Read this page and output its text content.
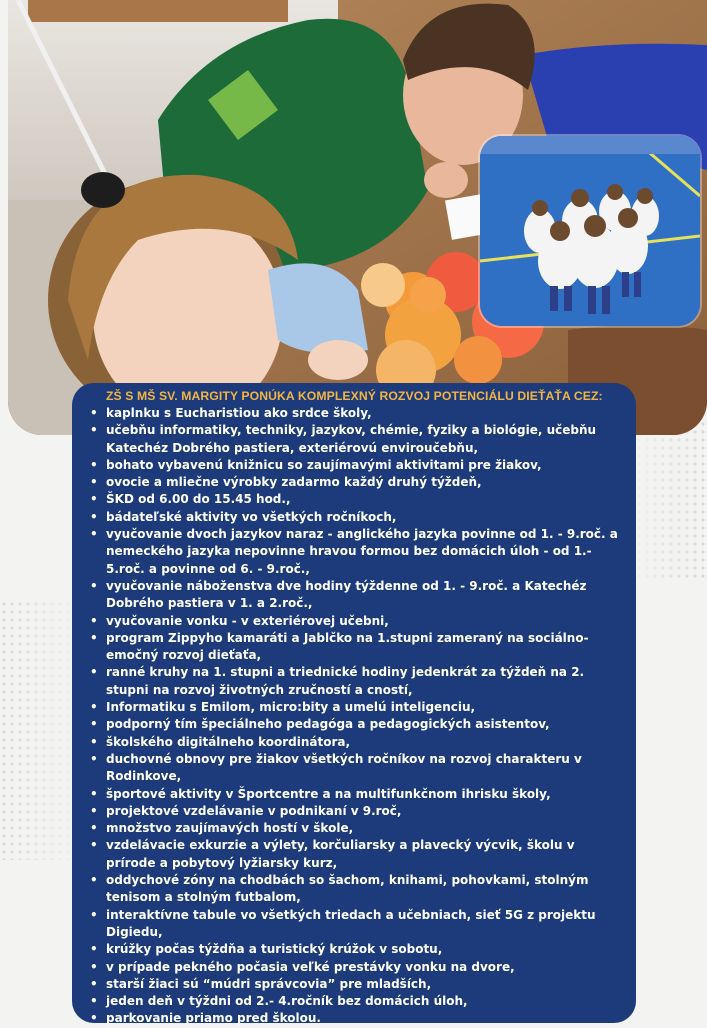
ZŠ S MŠ SV. MARGITY PONÚKA KOMPLEXNÝ ROZVOJ POTENCIÁLU DIEŤAŤA CEZ:
• kaplnku s Eucharistiou ako srdce školy,
• učebňu informatiky, techniky, jazykov, chémie, fyziky a biológie, učebňu Katechéz Dobrého pastiera, exteriérovú enviroučebňu,
• bohato vybavenú knižnicu so zaujímavými aktivitami pre žiakov,
• ovocie a mliečne výrobky zadarmo každý druhý týždeň,
• ŠKD od 6.00 do 15.45 hod.,
• bádateľské aktivity vo všetkých ročníkoch,
• vyučovanie dvoch jazykov naraz - anglického jazyka povinne od 1. - 9.roč. a nemeckého jazyka nepovinne hravou formou bez domácich úloh - od 1.- 5.roč. a povinne od 6. - 9.roč.,
• vyučovanie náboženstva dve hodiny týždenne od 1. - 9.roč. a Katechéz Dobrého pastiera v 1. a 2.roč.,
• vyučovanie vonku - v exteriérovej učebni,
• program Zippyho kamaráti a Jablčko na 1.stupni zameraný na sociálno-emočný rozvoj dieťaťa,
• ranné kruhy na 1. stupni a triednické hodiny jedenkrát za týždeň na 2. stupni na rozvoj životných zručností a cností,
• Informatiku s Emilom, micro:bity a umelú inteligenciu,
• podporný tím špeciálneho pedagóga a pedagogických asistentov,
• školského digitálneho koordinátora,
• duchovné obnovy pre žiakov všetkých ročníkov na rozvoj charakteru v Rodinkove,
• športové aktivity v Športcentre a na multifunkčnom ihrisku školy,
• projektové vzdelávanie v podnikaní v 9.roč,
• množstvo zaujímavých hostí v škole,
• vzdelávacie exkurzie a výlety, korčuliarsky a plavecký výcvik, školu v prírode a pobytový lyžiarsky kurz,
• oddychové zóny na chodbách so šachom, knihami, pohovkami, stolným tenisom a stolným futbalom,
• interaktívne tabule vo všetkých triedach a učebniach, sieť 5G z projektu Digiedu,
• krúžky počas týždňa a turistický krúžok v sobotu,
• v prípade pekného počasia veľké prestávky vonku na dvore,
• starší žiaci sú “múdri správcovia” pre mladších,
• jeden deň v týždni od 2.- 4.ročník bez domácich úloh,
• parkovanie priamo pred školou.
